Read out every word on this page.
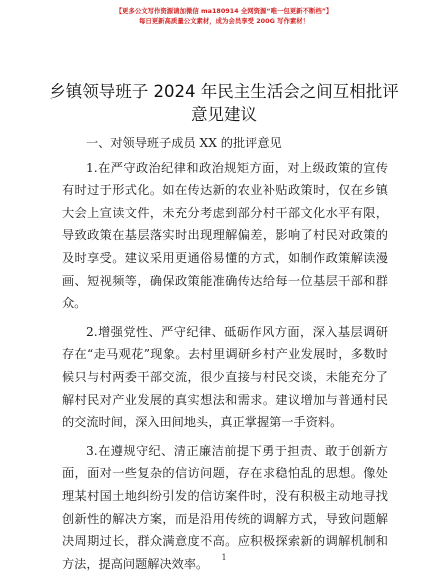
【更多公文写作资源请加微信 ma180914 全网资源“唯一包更新不断档”】
每日更新高质量公文素材，成为会员享受 200G 写作素材！
乡镇领导班子 2024 年民主生活会之间互相批评
意见建议

一、对领导班子成员 XX 的批评意见

1.在严守政治纪律和政治规矩方面，对上级政策的宣传有时过于形式化。如在传达新的农业补贴政策时，仅在乡镇大会上宣读文件，未充分考虑到部分村干部文化水平有限，导致政策在基层落实时出现理解偏差，影响了村民对政策的及时享受。建议采用更通俗易懂的方式，如制作政策解读漫画、短视频等，确保政策能准确传达给每一位基层干部和群众。

2.增强党性、严守纪律、砥砺作风方面，深入基层调研存在“走马观花”现象。去村里调研乡村产业发展时，多数时候只与村两委干部交流，很少直接与村民交谈，未能充分了解村民对产业发展的真实想法和需求。建议增加与普通村民的交流时间，深入田间地头，真正掌握第一手资料。

3.在遵规守纪、清正廉洁前提下勇于担责、敢于创新方面，面对一些复杂的信访问题，存在求稳怕乱的思想。像处理某村国土地纠纷引发的信访案件时，没有积极主动地寻找创新性的解决方案，而是沿用传统的调解方式，导致问题解决周期过长，群众满意度不高。应积极探索新的调解机制和方法，提高问题解决效率。	1
